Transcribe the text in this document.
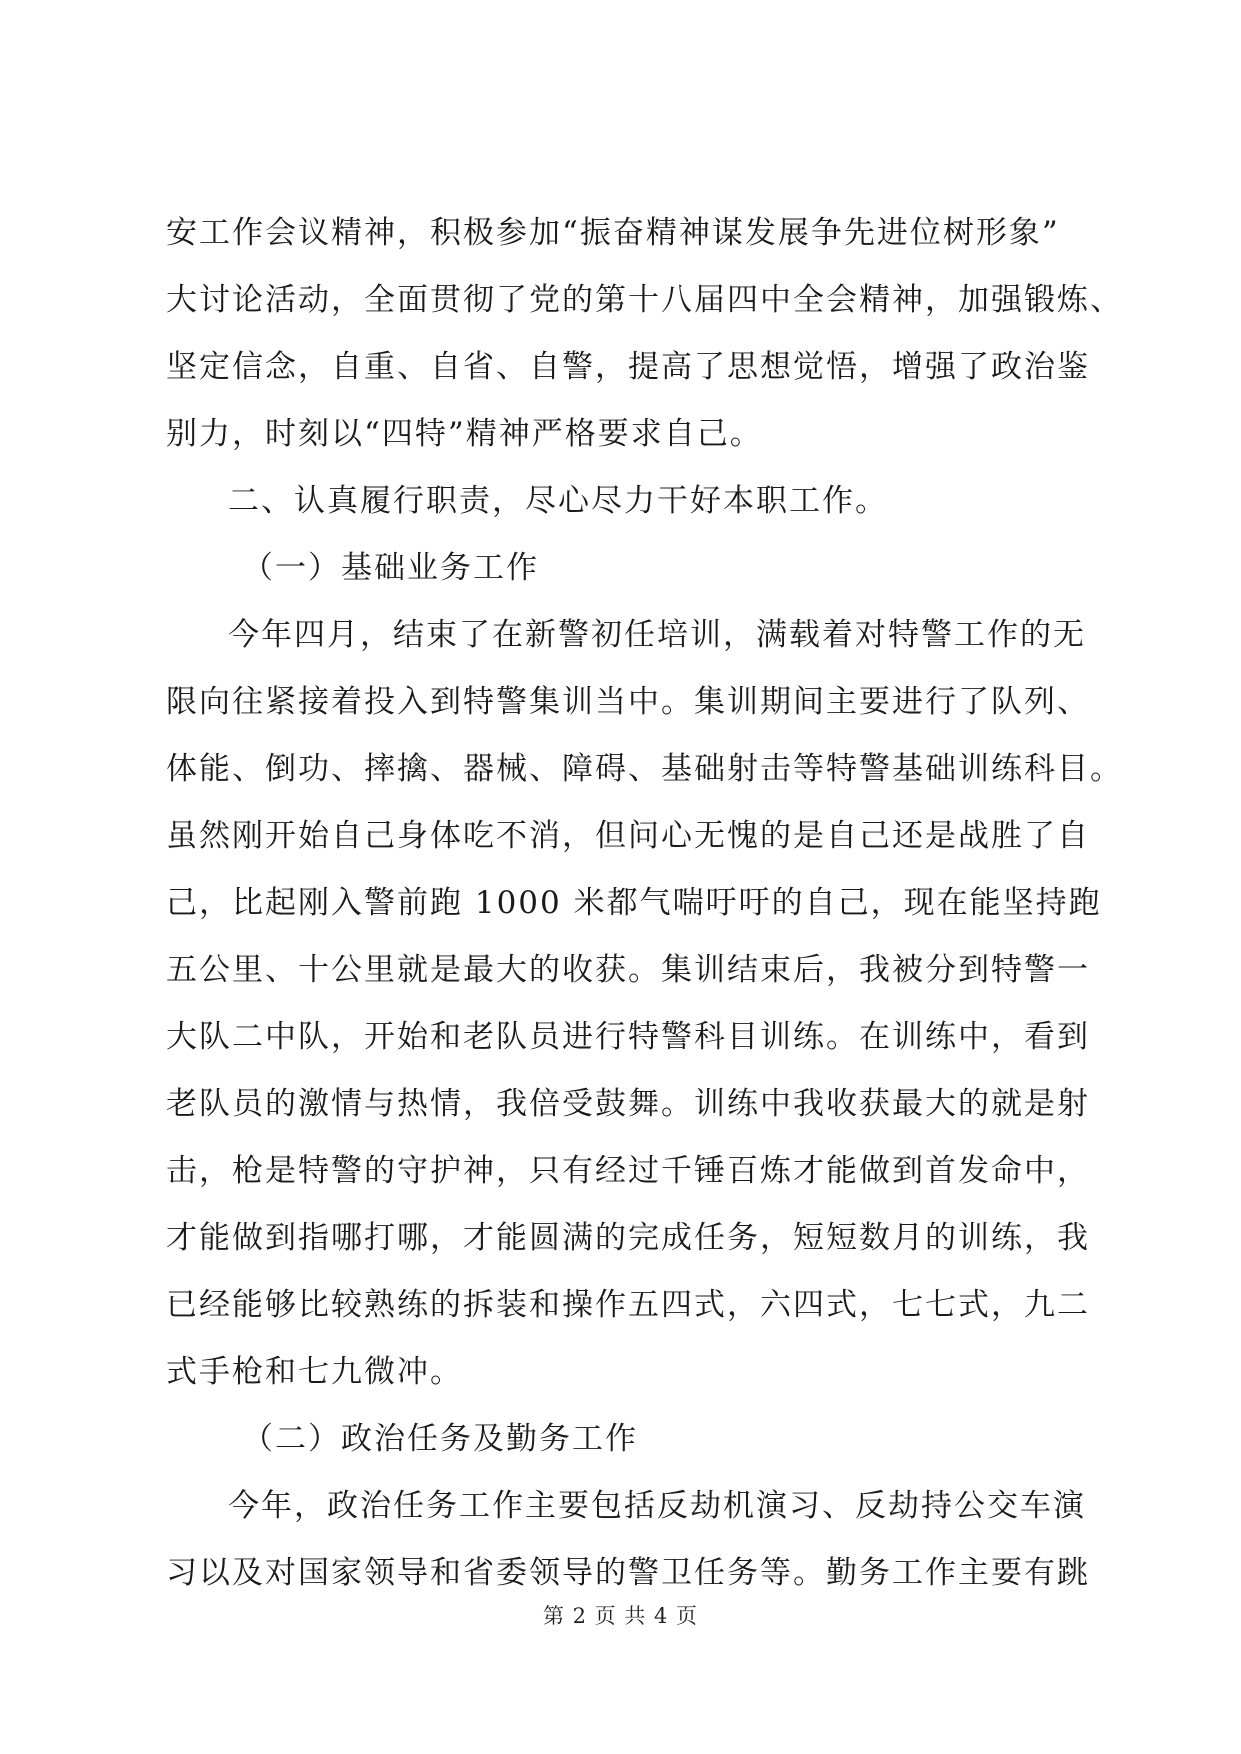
安工作会议精神，积极参加“振奋精神谋发展争先进位树形象”
大讨论活动，全面贯彻了党的第十八届四中全会精神，加强锻炼、
坚定信念，自重、自省、自警，提高了思想觉悟，增强了政治鉴
别力，时刻以“四特”精神严格要求自己。
二、认真履行职责，尽心尽力干好本职工作。
（一）基础业务工作
今年四月，结束了在新警初任培训，满载着对特警工作的无
限向往紧接着投入到特警集训当中。集训期间主要进行了队列、
体能、倒功、摔擒、器械、障碍、基础射击等特警基础训练科目。
虽然刚开始自己身体吃不消，但问心无愧的是自己还是战胜了自
己，比起刚入警前跑 1000 米都气喘吁吁的自己，现在能坚持跑
五公里、十公里就是最大的收获。集训结束后，我被分到特警一
大队二中队，开始和老队员进行特警科目训练。在训练中，看到
老队员的激情与热情，我倍受鼓舞。训练中我收获最大的就是射
击，枪是特警的守护神，只有经过千锤百炼才能做到首发命中，
才能做到指哪打哪，才能圆满的完成任务，短短数月的训练，我
已经能够比较熟练的拆装和操作五四式，六四式，七七式，九二
式手枪和七九微冲。
（二）政治任务及勤务工作
今年，政治任务工作主要包括反劫机演习、反劫持公交车演
习以及对国家领导和省委领导的警卫任务等。勤务工作主要有跳
第 2 页 共 4 页
